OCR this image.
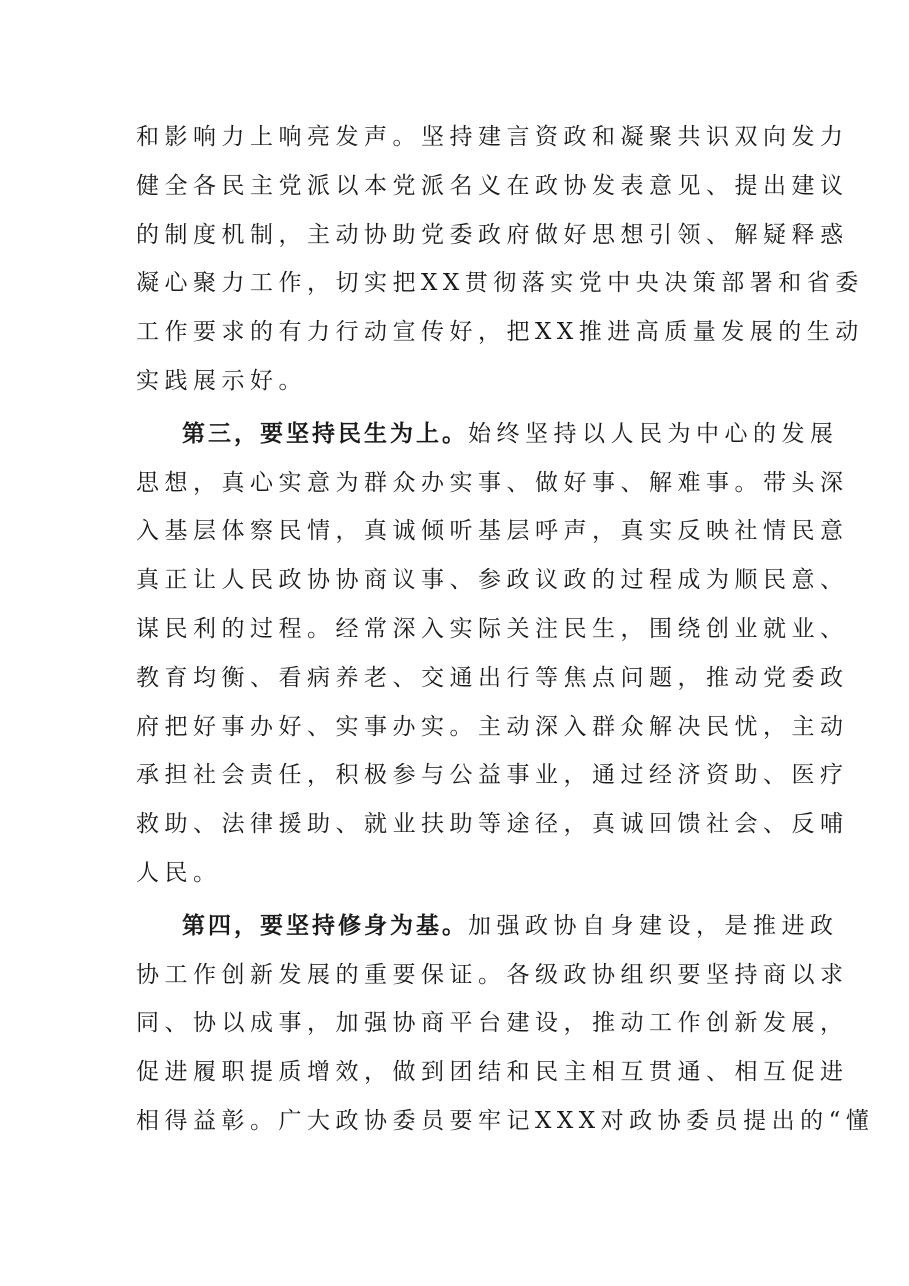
和影响力上响亮发声。坚持建言资政和凝聚共识双向发力
健全各民主党派以本党派名义在政协发表意见、提出建议
的制度机制，主动协助党委政府做好思想引领、解疑释惑
凝心聚力工作，切实把XX贯彻落实党中央决策部署和省委
工作要求的有力行动宣传好，把XX推进高质量发展的生动
实践展示好。
第三，要坚持民生为上。始终坚持以人民为中心的发展
思想，真心实意为群众办实事、做好事、解难事。带头深
入基层体察民情，真诚倾听基层呼声，真实反映社情民意
真正让人民政协协商议事、参政议政的过程成为顺民意、
谋民利的过程。经常深入实际关注民生，围绕创业就业、
教育均衡、看病养老、交通出行等焦点问题，推动党委政
府把好事办好、实事办实。主动深入群众解决民忧，主动
承担社会责任，积极参与公益事业，通过经济资助、医疗
救助、法律援助、就业扶助等途径，真诚回馈社会、反哺
人民。
第四，要坚持修身为基。加强政协自身建设，是推进政
协工作创新发展的重要保证。各级政协组织要坚持商以求
同、协以成事，加强协商平台建设，推动工作创新发展，
促进履职提质增效，做到团结和民主相互贯通、相互促进
相得益彰。广大政协委员要牢记XXX对政协委员提出的“懂
